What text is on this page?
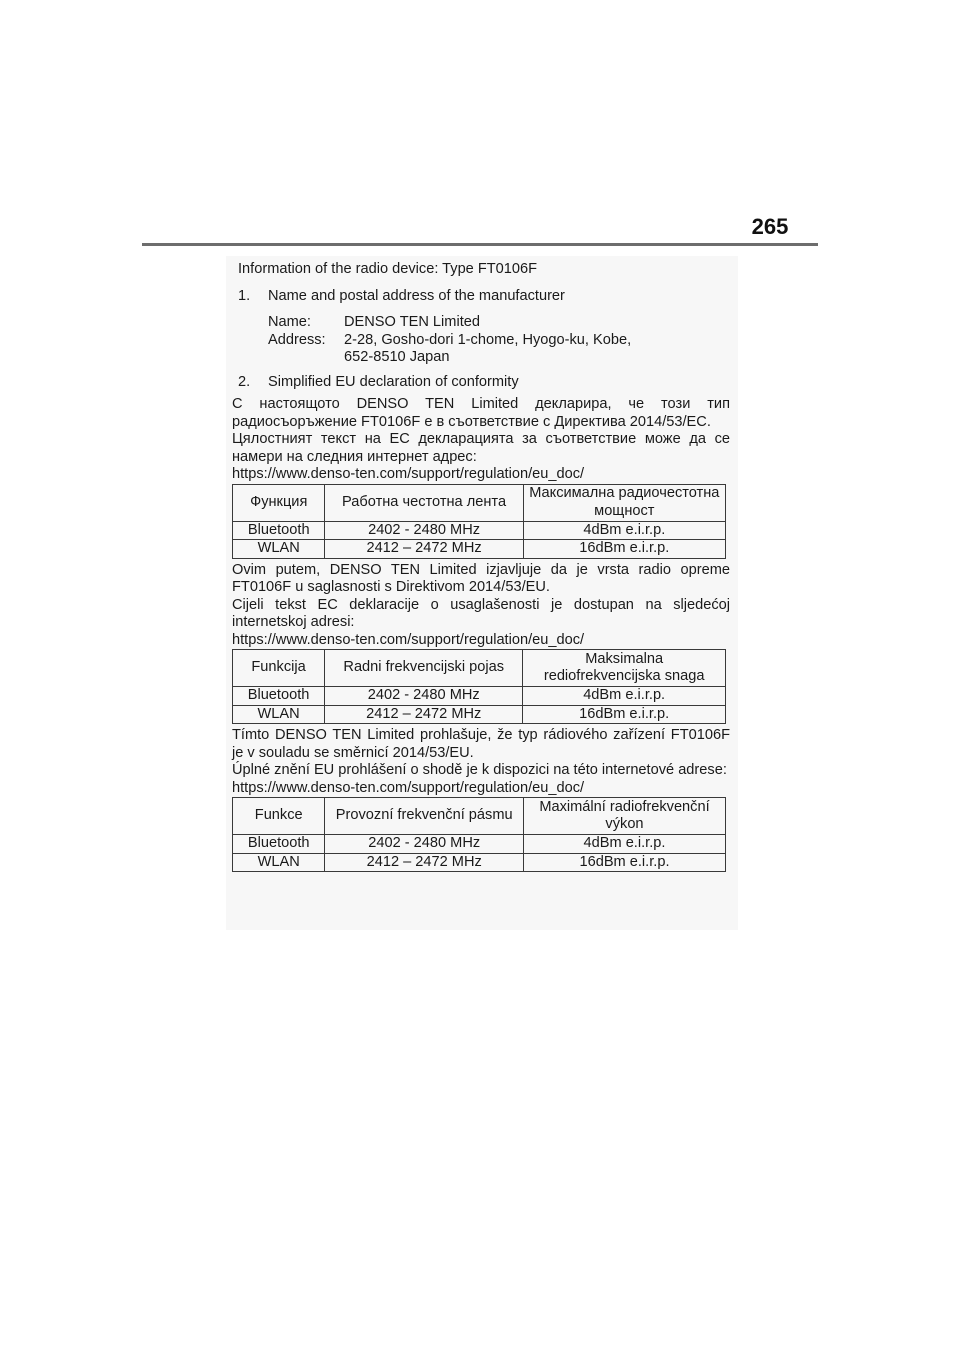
265
Information of the radio device: Type FT0106F
1.	Name and postal address of the manufacturer
Name:	DENSO TEN Limited
Address:	2-28, Gosho-dori 1-chome, Hyogo-ku, Kobe,
652-8510 Japan
2.	Simplified EU declaration of conformity
С настоящото DENSO TEN Limited декларира, че този тип радиосъоръжение FT0106F е в съответствие с Директива 2014/53/ЕС.
Цялостният текст на ЕС декларацията за съответствие може да се намери на следния интернет адрес:
https://www.denso-ten.com/support/regulation/eu_doc/
Функция	Работна честотна лента	Максимална радиочестотна мощност
Bluetooth	2402 - 2480 MHz	4dBm e.i.r.p.
WLAN	2412 – 2472 MHz	16dBm e.i.r.p.
Ovim putem, DENSO TEN Limited izjavljuje da je vrsta radio opreme FT0106F u saglasnosti s Direktivom 2014/53/EU.
Cijeli tekst EC deklaracije o usaglašenosti je dostupan na sljedećoj internetskoj adresi:
https://www.denso-ten.com/support/regulation/eu_doc/
Funkcija	Radni frekvencijski pojas	Maksimalna rediofrekvencijska snaga
Bluetooth	2402 - 2480 MHz	4dBm e.i.r.p.
WLAN	2412 – 2472 MHz	16dBm e.i.r.p.
Tímto DENSO TEN Limited prohlašuje, že typ rádiového zařízení FT0106F je v souladu se směrnicí 2014/53/EU.
Úplné znění EU prohlášení o shodě je k dispozici na této internetové adrese:
https://www.denso-ten.com/support/regulation/eu_doc/
Funkce	Provozní frekvenční pásmu	Maximální radiofrekvenční výkon
Bluetooth	2402 - 2480 MHz	4dBm e.i.r.p.
WLAN	2412 – 2472 MHz	16dBm e.i.r.p.
